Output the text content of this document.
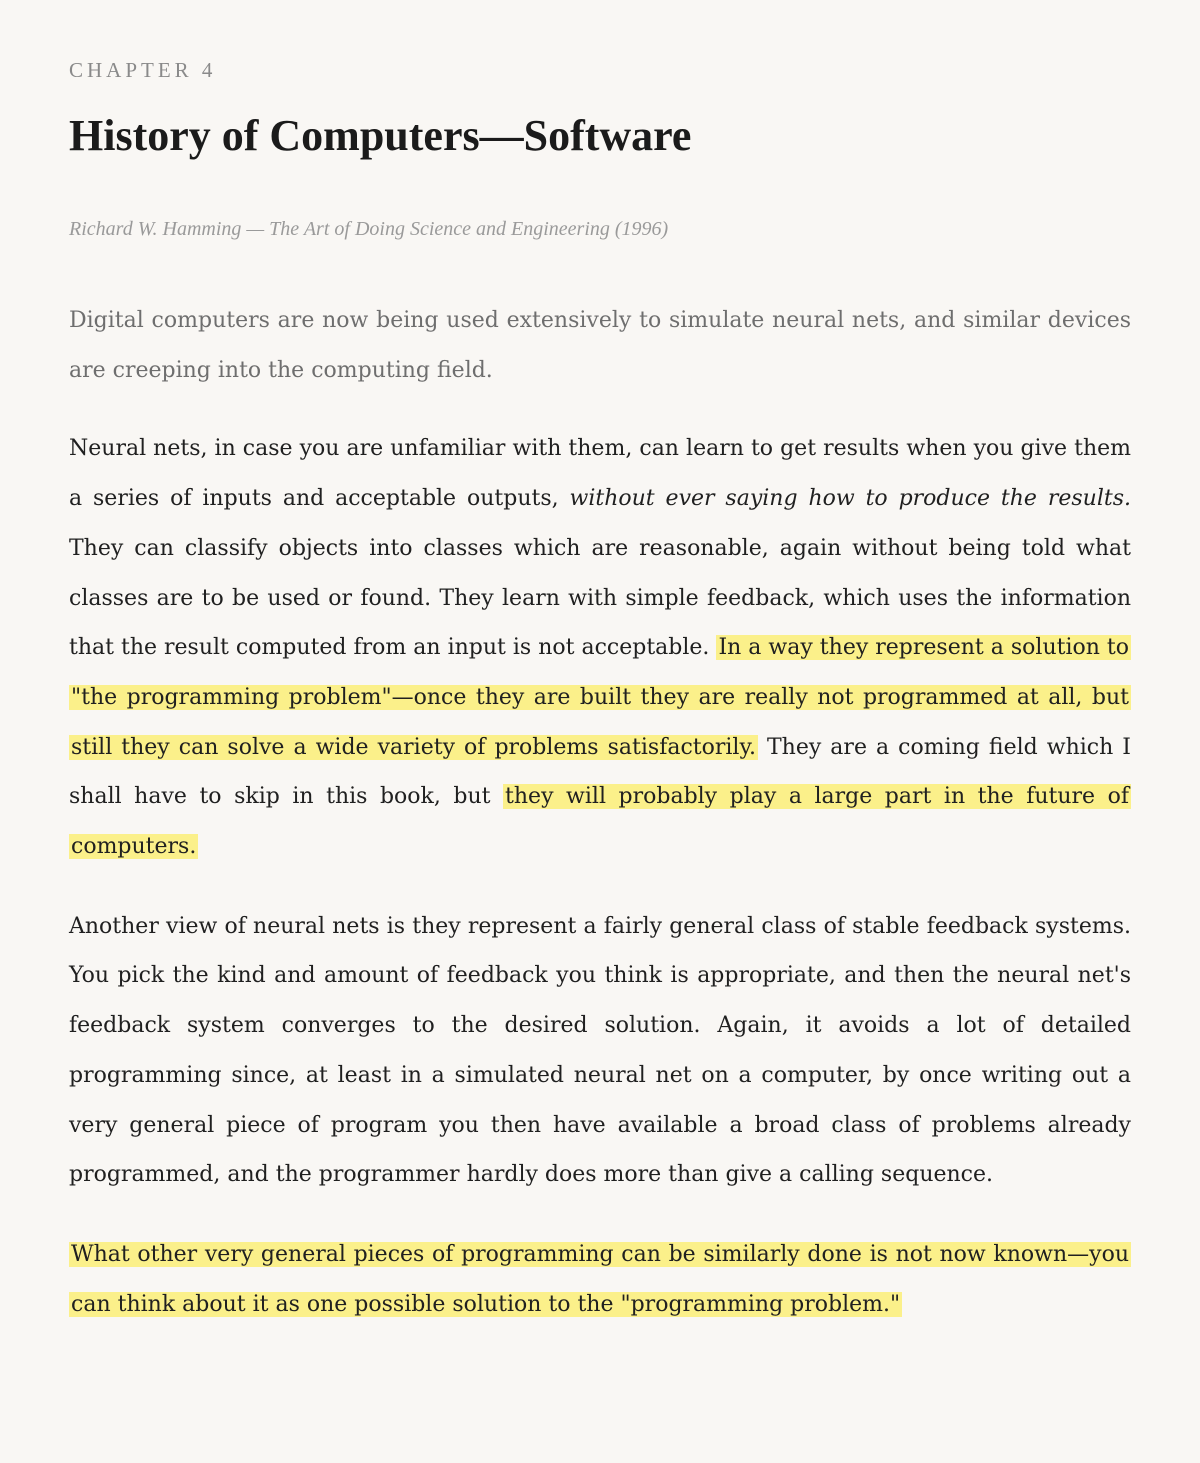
CHAPTER 4

History of Computers—Software

Richard W. Hamming — The Art of Doing Science and Engineering (1996)

Digital computers are now being used extensively to simulate neural nets, and similar devices are creeping into the computing field.

Neural nets, in case you are unfamiliar with them, can learn to get results when you give them a series of inputs and acceptable outputs, without ever saying how to produce the results. They can classify objects into classes which are reasonable, again without being told what classes are to be used or found. They learn with simple feedback, which uses the information that the result computed from an input is not acceptable. In a way they represent a solution to "the programming problem"—once they are built they are really not programmed at all, but still they can solve a wide variety of problems satisfactorily. They are a coming field which I shall have to skip in this book, but they will probably play a large part in the future of computers.

Another view of neural nets is they represent a fairly general class of stable feedback systems. You pick the kind and amount of feedback you think is appropriate, and then the neural net's feedback system converges to the desired solution. Again, it avoids a lot of detailed programming since, at least in a simulated neural net on a computer, by once writing out a very general piece of program you then have available a broad class of problems already programmed, and the programmer hardly does more than give a calling sequence.

What other very general pieces of programming can be similarly done is not now known—you can think about it as one possible solution to the "programming problem."
